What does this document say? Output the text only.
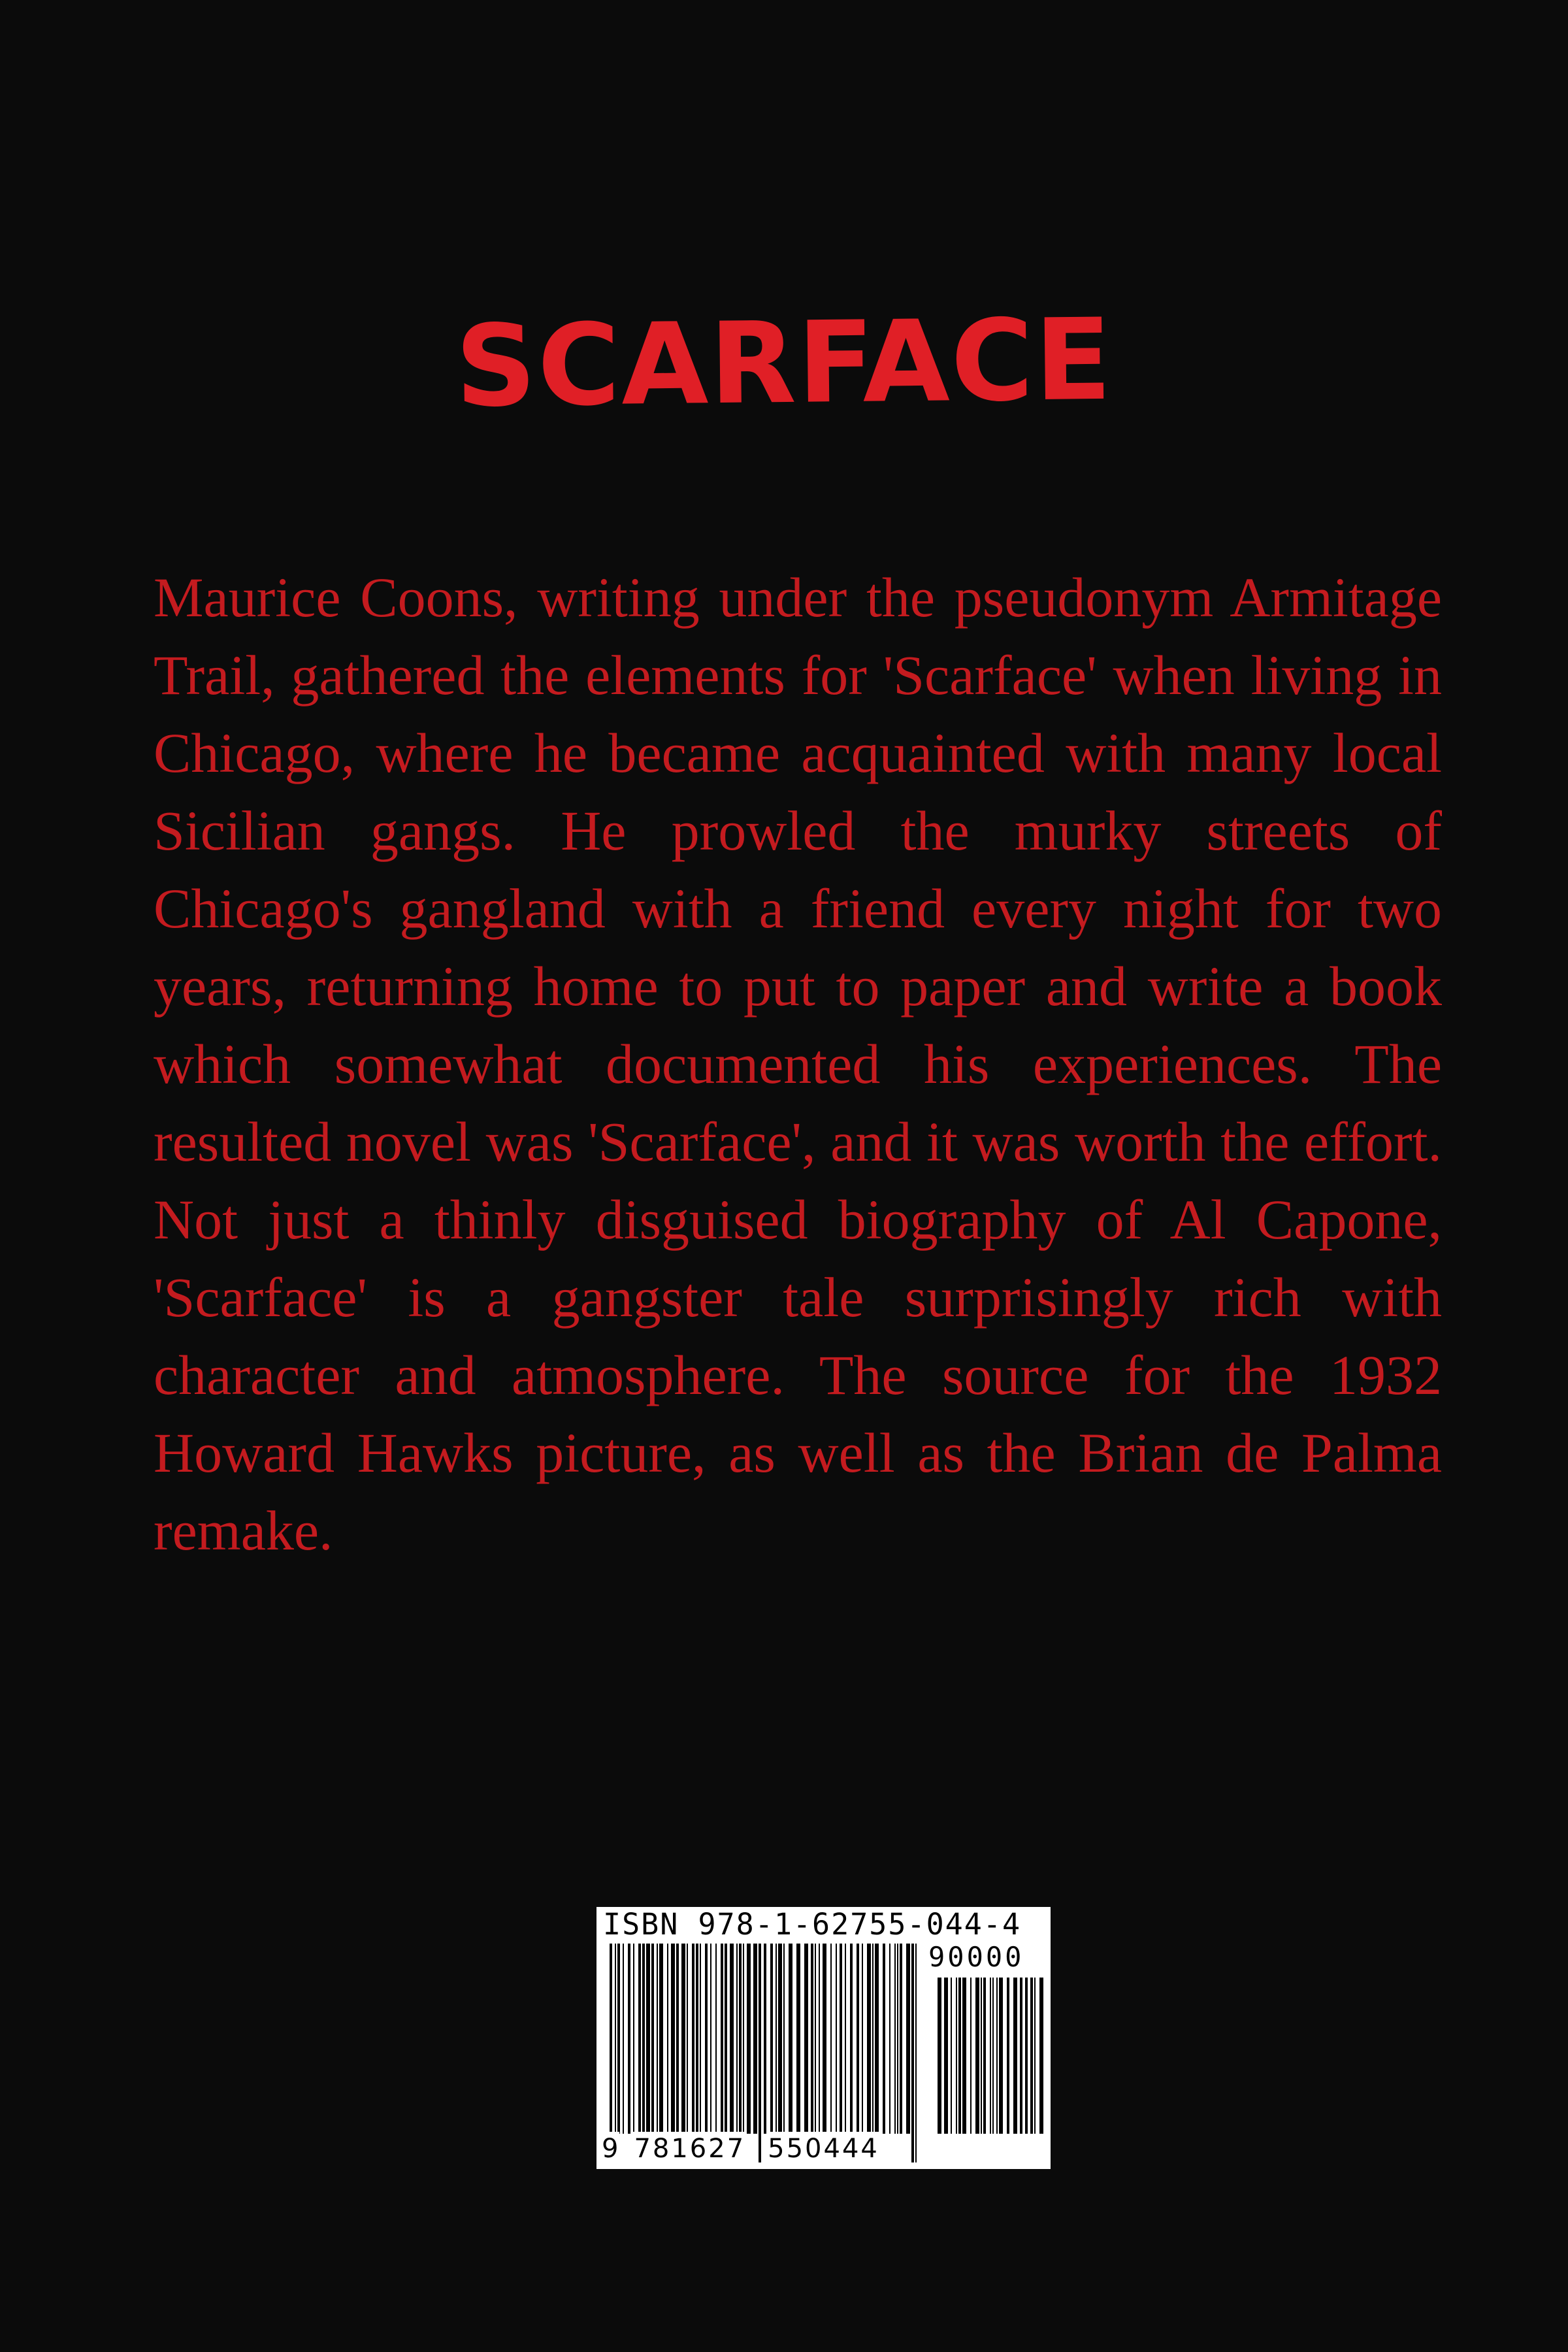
SCARFACE

Maurice Coons, writing under the pseudonym Armitage Trail, gathered the elements for 'Scarface' when living in Chicago, where he became acquainted with many local Sicilian gangs. He prowled the murky streets of Chicago's gangland with a friend every night for two years, returning home to put to paper and write a book which somewhat documented his experiences. The resulted novel was 'Scarface', and it was worth the effort. Not just a thinly disguised biography of Al Capone, 'Scarface' is a gangster tale surprisingly rich with character and atmosphere. The source for the 1932 Howard Hawks picture, as well as the Brian de Palma remake.

ISBN 978-1-62755-044-4
90000
9 781627 550444
